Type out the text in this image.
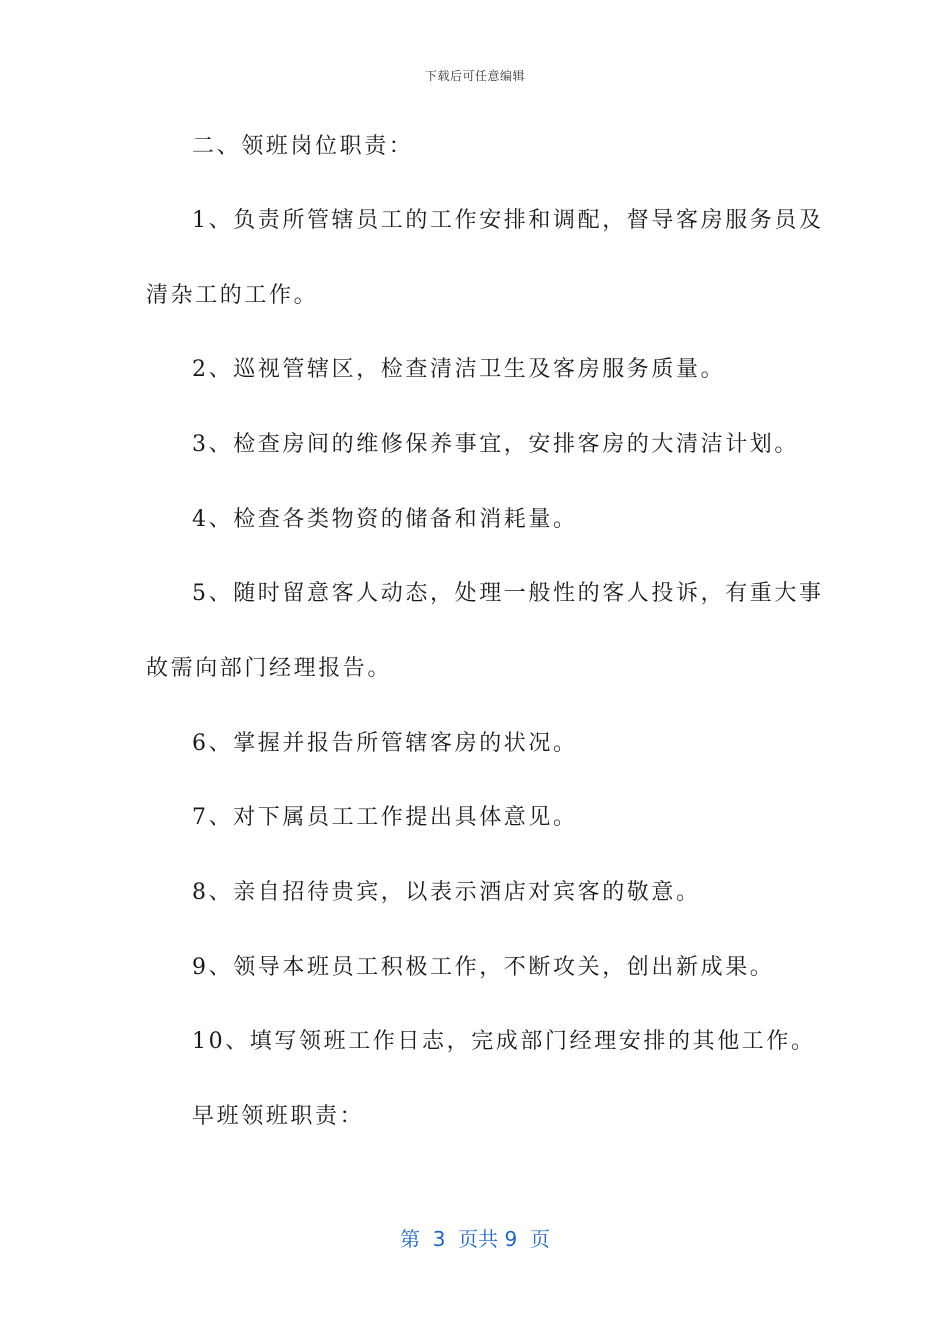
下载后可任意编辑
二、领班岗位职责：
1、负责所管辖员工的工作安排和调配，督导客房服务员及
清杂工的工作。
2、巡视管辖区，检查清洁卫生及客房服务质量。
3、检查房间的维修保养事宜，安排客房的大清洁计划。
4、检查各类物资的储备和消耗量。
5、随时留意客人动态，处理一般性的客人投诉，有重大事
故需向部门经理报告。
6、掌握并报告所管辖客房的状况。
7、对下属员工工作提出具体意见。
8、亲自招待贵宾，以表示酒店对宾客的敬意。
9、领导本班员工积极工作，不断攻关，创出新成果。
10、填写领班工作日志，完成部门经理安排的其他工作。
早班领班职责：
第  3  页共 9  页
